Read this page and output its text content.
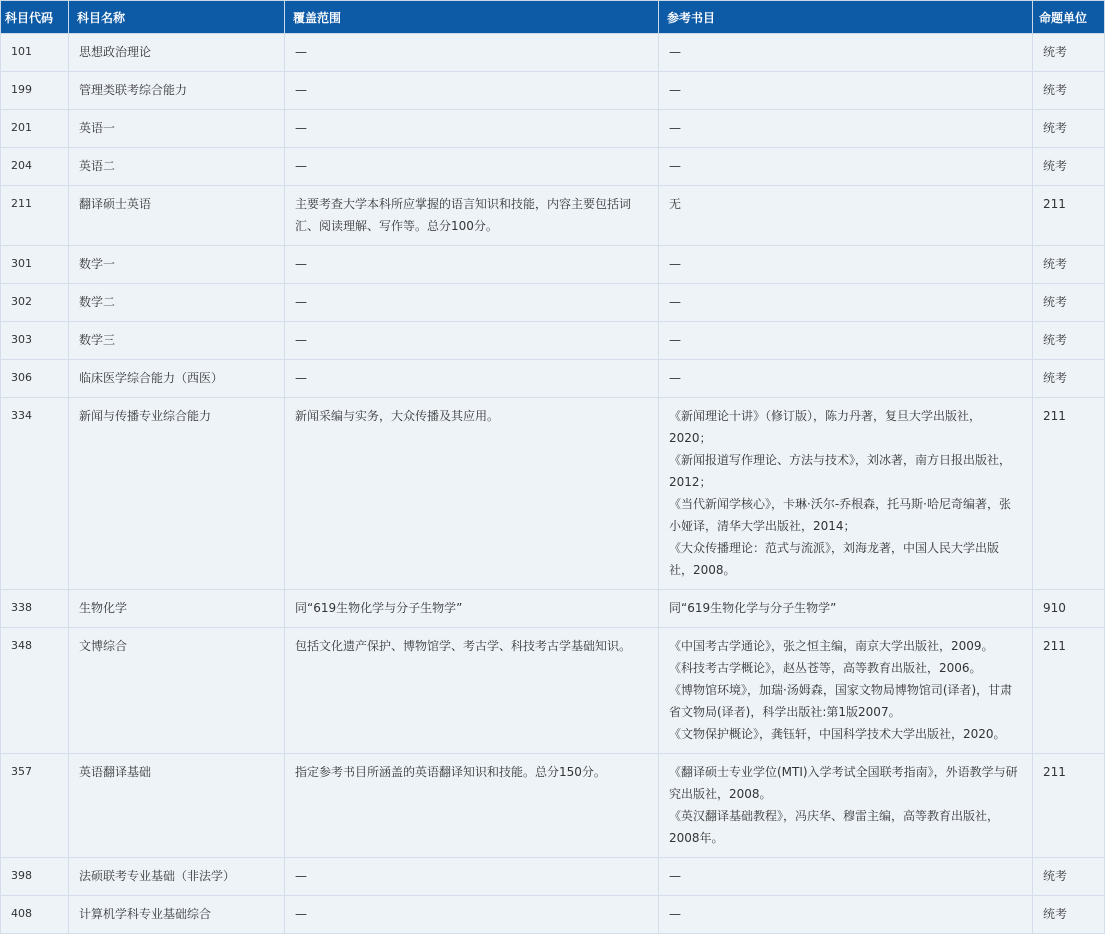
科目代码	科目名称	覆盖范围	参考书目	命题单位
101	思想政治理论	—	—	统考
199	管理类联考综合能力	—	—	统考
201	英语一	—	—	统考
204	英语二	—	—	统考
211	翻译硕士英语	主要考查大学本科所应掌握的语言知识和技能，内容主要包括词汇、阅读理解、写作等。总分100分。	无	211
301	数学一	—	—	统考
302	数学二	—	—	统考
303	数学三	—	—	统考
306	临床医学综合能力（西医）	—	—	统考
334	新闻与传播专业综合能力	新闻采编与实务，大众传播及其应用。	《新闻理论十讲》（修订版），陈力丹著，复旦大学出版社，2020；
《新闻报道写作理论、方法与技术》，刘冰著，南方日报出版社，2012；
《当代新闻学核心》，卡琳·沃尔-乔根森，托马斯·哈尼奇编著，张小娅译，清华大学出版社，2014；
《大众传播理论：范式与流派》，刘海龙著，中国人民大学出版社，2008。	211
338	生物化学	同“619生物化学与分子生物学”	同“619生物化学与分子生物学”	910
348	文博综合	包括文化遗产保护、博物馆学、考古学、科技考古学基础知识。	《中国考古学通论》，张之恒主编，南京大学出版社，2009。
《科技考古学概论》，赵丛苍等，高等教育出版社，2006。
《博物馆环境》，加瑞·汤姆森，国家文物局博物馆司(译者)，甘肃省文物局(译者)，科学出版社:第1版2007。
《文物保护概论》，龚钰轩，中国科学技术大学出版社，2020。	211
357	英语翻译基础	指定参考书目所涵盖的英语翻译知识和技能。总分150分。	《翻译硕士专业学位(MTI)入学考试全国联考指南》，外语教学与研究出版社，2008。
《英汉翻译基础教程》，冯庆华、穆雷主编，高等教育出版社，2008年。	211
398	法硕联考专业基础（非法学）	—	—	统考
408	计算机学科专业基础综合	—	—	统考
